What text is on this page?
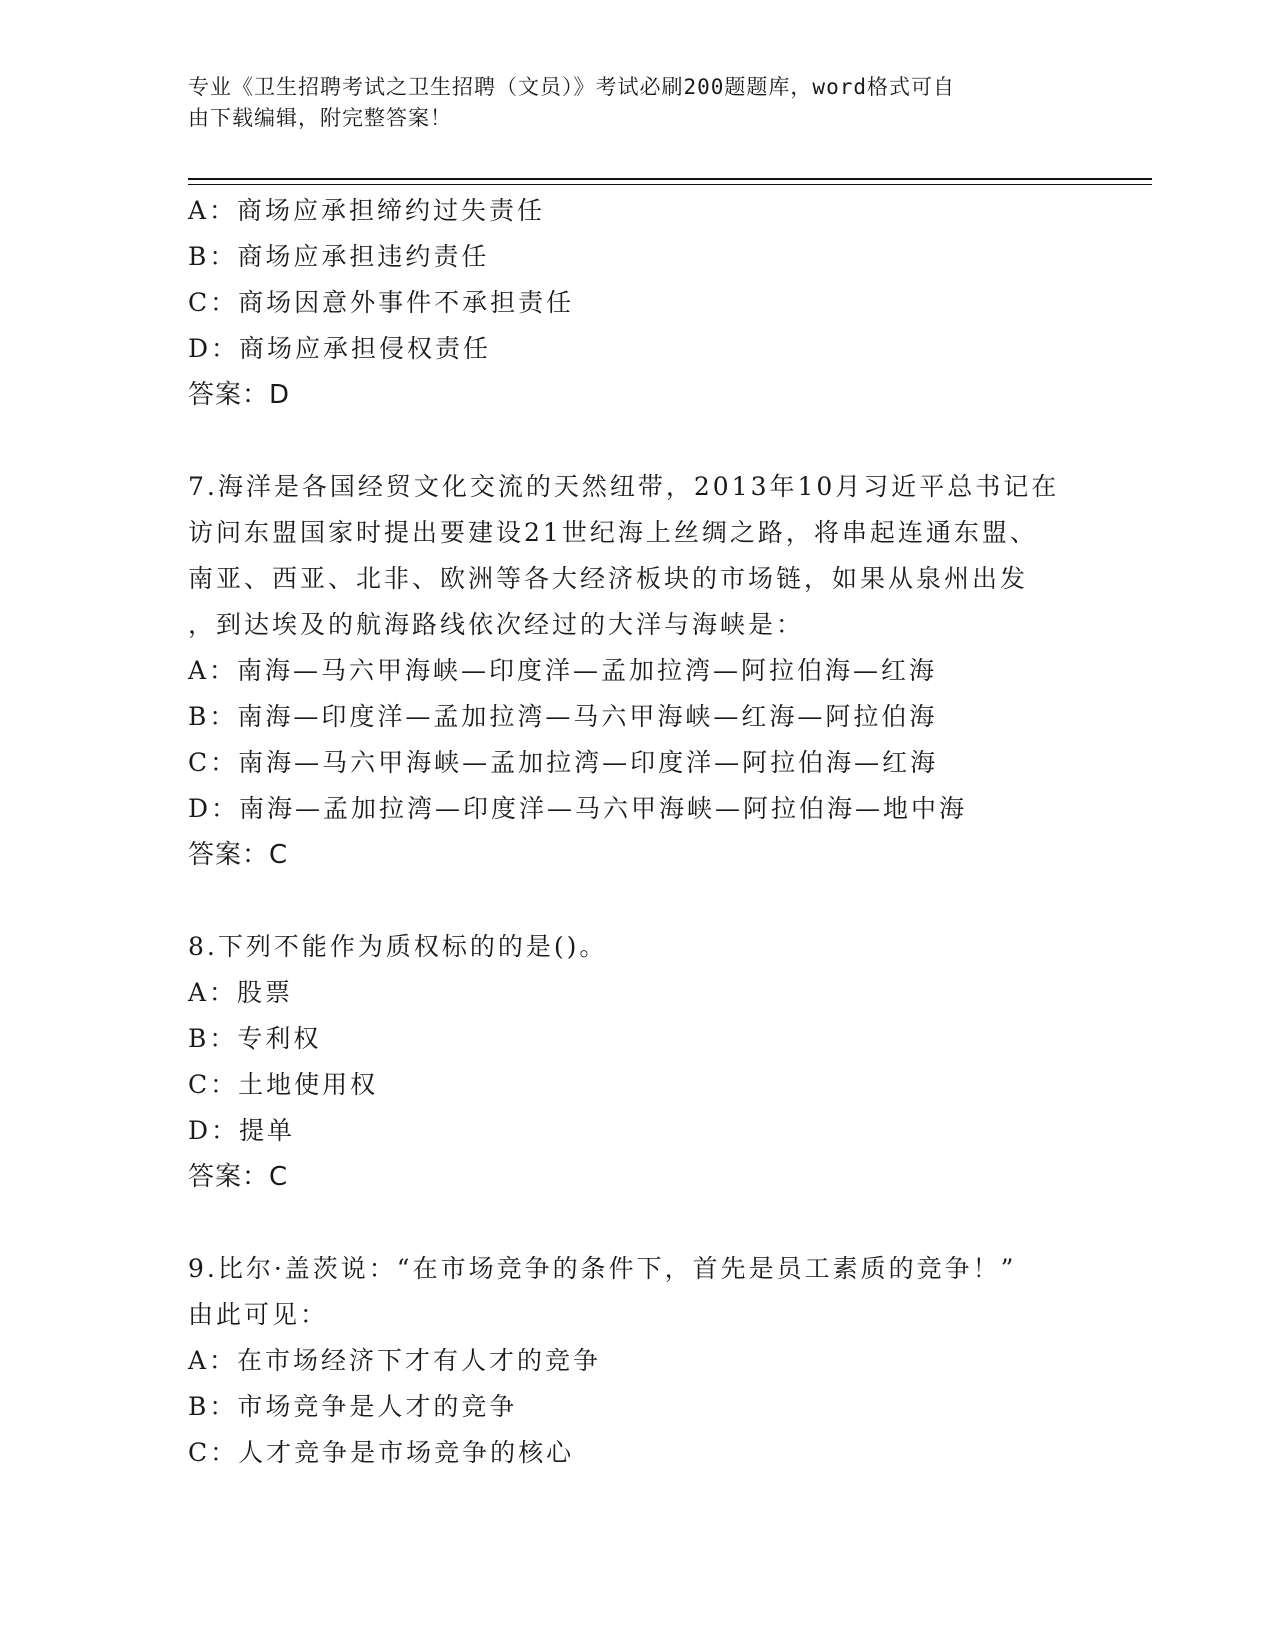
专业《卫生招聘考试之卫生招聘（文员）》考试必刷200题题库，word格式可自
由下载编辑，附完整答案！
A：商场应承担缔约过失责任
B：商场应承担违约责任
C：商场因意外事件不承担责任
D：商场应承担侵权责任
答案：D
7.海洋是各国经贸文化交流的天然纽带，2013年10月习近平总书记在
访问东盟国家时提出要建设21世纪海上丝绸之路，将串起连通东盟、
南亚、西亚、北非、欧洲等各大经济板块的市场链，如果从泉州出发
，到达埃及的航海路线依次经过的大洋与海峡是：
A：南海—马六甲海峡—印度洋—孟加拉湾—阿拉伯海—红海
B：南海—印度洋—孟加拉湾—马六甲海峡—红海—阿拉伯海
C：南海—马六甲海峡—孟加拉湾—印度洋—阿拉伯海—红海
D：南海—孟加拉湾—印度洋—马六甲海峡—阿拉伯海—地中海
答案：C
8.下列不能作为质权标的的是()。
A：股票
B：专利权
C：土地使用权
D：提单
答案：C
9.比尔·盖茨说：“在市场竞争的条件下，首先是员工素质的竞争！”
由此可见：
A：在市场经济下才有人才的竞争
B：市场竞争是人才的竞争
C：人才竞争是市场竞争的核心
